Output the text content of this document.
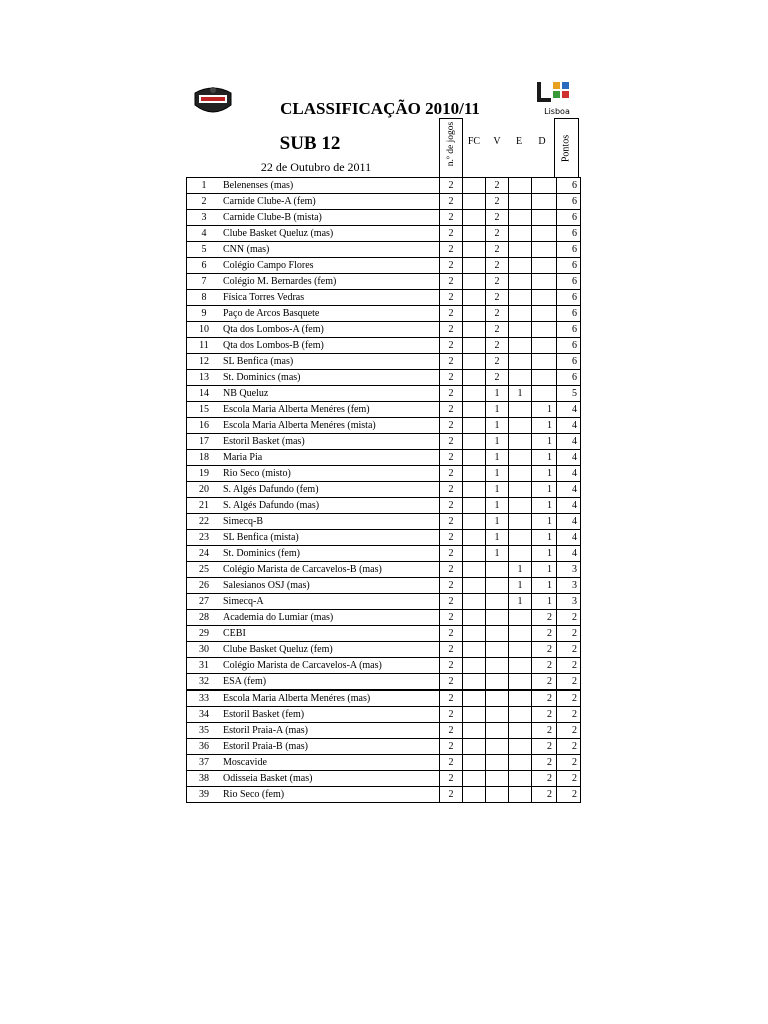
Lisboa
CLASSIFICAÇÃO 2010/11
SUB 12
22 de Outubro de 2011
n.º de jogos	FC	V	E	D	Pontos
1	Belenenses (mas)	2		2			6
2	Carnide Clube-A (fem)	2		2			6
3	Carnide Clube-B (mista)	2		2			6
4	Clube Basket Queluz (mas)	2		2			6
5	CNN (mas)	2		2			6
6	Colégio Campo Flores	2		2			6
7	Colégio M. Bernardes (fem)	2		2			6
8	Física Torres Vedras	2		2			6
9	Paço de Arcos Basquete	2		2			6
10	Qta dos Lombos-A (fem)	2		2			6
11	Qta dos Lombos-B (fem)	2		2			6
12	SL Benfica (mas)	2		2			6
13	St. Dominics (mas)	2		2			6
14	NB Queluz	2		1	1		5
15	Escola Maria Alberta Menéres (fem)	2		1		1	4
16	Escola Maria Alberta Menéres (mista)	2		1		1	4
17	Estoril Basket (mas)	2		1		1	4
18	Maria Pia	2		1		1	4
19	Rio Seco (misto)	2		1		1	4
20	S. Algés Dafundo (fem)	2		1		1	4
21	S. Algés Dafundo (mas)	2		1		1	4
22	Simecq-B	2		1		1	4
23	SL Benfica (mista)	2		1		1	4
24	St. Dominics (fem)	2		1		1	4
25	Colégio Marista de Carcavelos-B (mas)	2			1	1	3
26	Salesianos OSJ (mas)	2			1	1	3
27	Simecq-A	2			1	1	3
28	Academia do Lumiar (mas)	2				2	2
29	CEBI	2				2	2
30	Clube Basket Queluz (fem)	2				2	2
31	Colégio Marista de Carcavelos-A (mas)	2				2	2
32	ESA (fem)	2				2	2
33	Escola Maria Alberta Menéres (mas)	2				2	2
34	Estoril Basket (fem)	2				2	2
35	Estoril Praia-A (mas)	2				2	2
36	Estoril Praia-B (mas)	2				2	2
37	Moscavide	2				2	2
38	Odisseia Basket (mas)	2				2	2
39	Rio Seco (fem)	2				2	2
